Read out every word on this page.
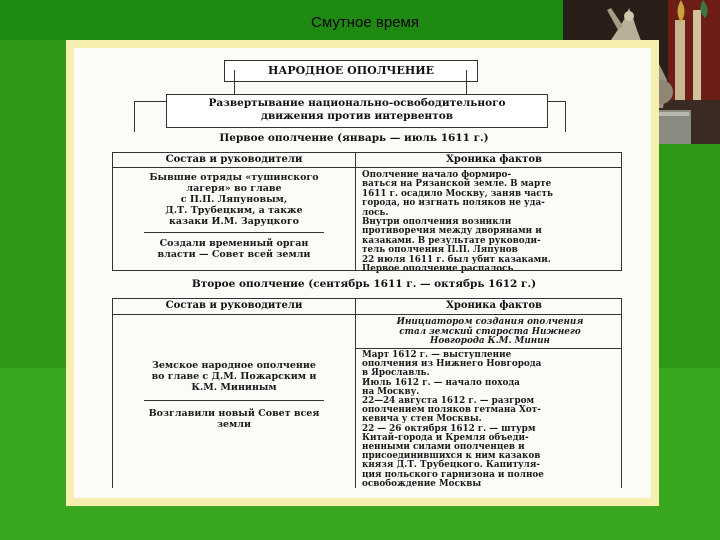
Смутное время
НАРОДНОЕ ОПОЛЧЕНИЕ
Развертывание национально-освободительного
движения против интервентов
Первое ополчение (январь — июль 1611 г.)
Состав и руководители	Хроника фактов
Бывшие отряды «тушинского
лагеря» во главе
с П.П. Ляпуновым,
Д.Т. Трубецким, а также
казаки И.М. Заруцкого
Создали временный орган
власти — Совет всей земли
Ополчение начало формиро-
ваться на Рязанской земле. В марте
1611 г. осадило Москву, заняв часть
города, но изгнать поляков не уда-
лось.
Внутри ополчения возникли
противоречия между дворянами и
казаками. В результате руководи-
тель ополчения П.П. Ляпунов
22 июля 1611 г. был убит казаками.
Второе ополчение (сентябрь 1611 г. — октябрь 1612 г.)
Состав и руководители	Хроника фактов
Земское народное ополчение
во главе с Д.М. Пожарским и
К.М. Мининым
Возглавили новый Совет всея
земли
Инициатором создания ополчения
стал земский староста Нижнего
Новгорода К.М. Минин
Март 1612 г. — выступление
ополчения из Нижнего Новгорода
в Ярославль.
Июль 1612 г. — начало похода
на Москву.
22—24 августа 1612 г. — разгром
ополчением поляков гетмана Хот-
кевича у стен Москвы.
22 — 26 октября 1612 г. — штурм
Китай-города и Кремля объеди-
ненными силами ополченцев и
присоединившихся к ним казаков
князя Д.Т. Трубецкого. Капитуля-
ция польского гарнизона и полное
освобождение Москвы
